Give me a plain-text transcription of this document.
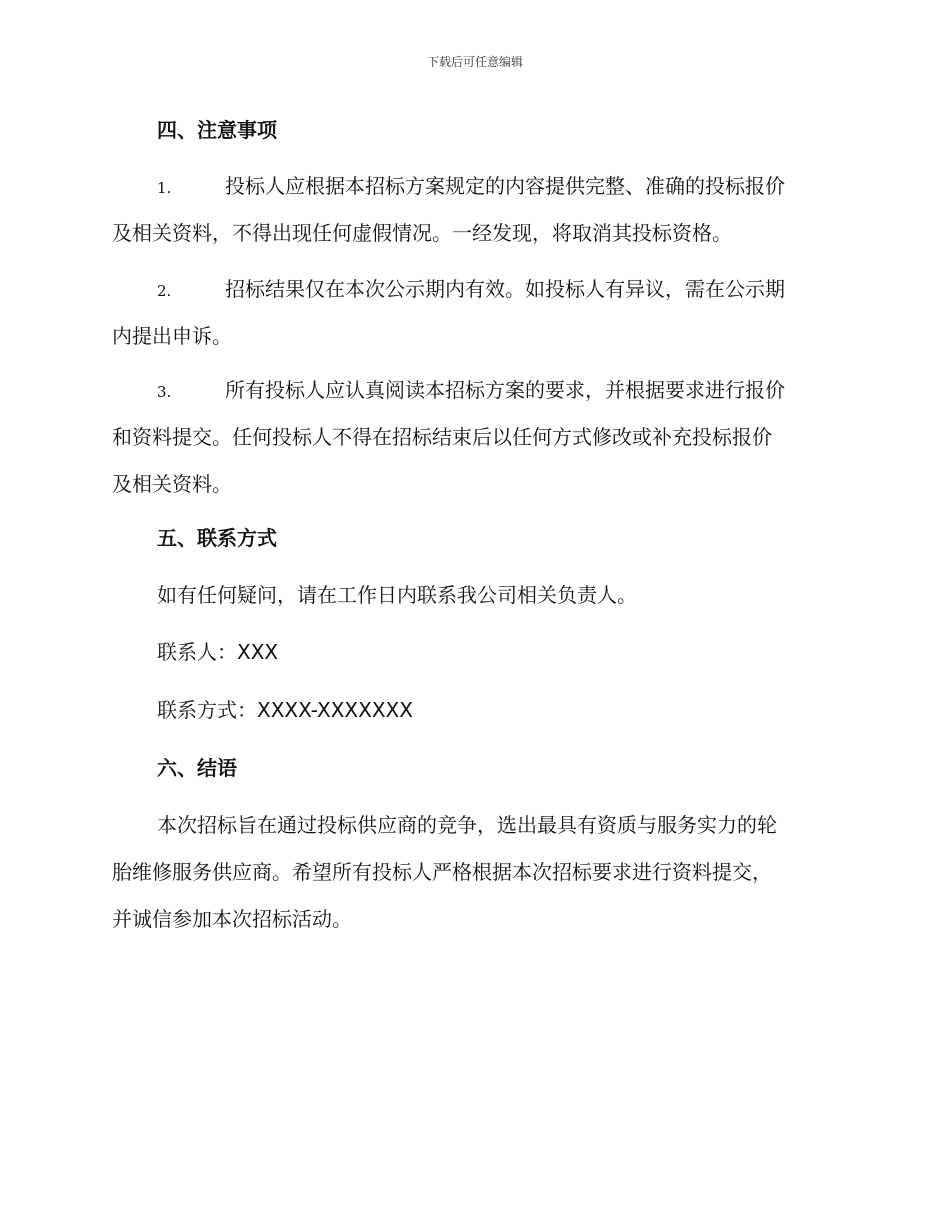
下载后可任意编辑
四、注意事项
1.	投标人应根据本招标方案规定的内容提供完整、准确的投标报价
及相关资料，不得出现任何虚假情况。一经发现，将取消其投标资格。
2.	招标结果仅在本次公示期内有效。如投标人有异议，需在公示期
内提出申诉。
3.	所有投标人应认真阅读本招标方案的要求，并根据要求进行报价
和资料提交。任何投标人不得在招标结束后以任何方式修改或补充投标报价
及相关资料。
五、联系方式
如有任何疑问，请在工作日内联系我公司相关负责人。
联系人：XXX
联系方式：XXXX-XXXXXXX
六、结语
本次招标旨在通过投标供应商的竞争，选出最具有资质与服务实力的轮
胎维修服务供应商。希望所有投标人严格根据本次招标要求进行资料提交，
并诚信参加本次招标活动。
